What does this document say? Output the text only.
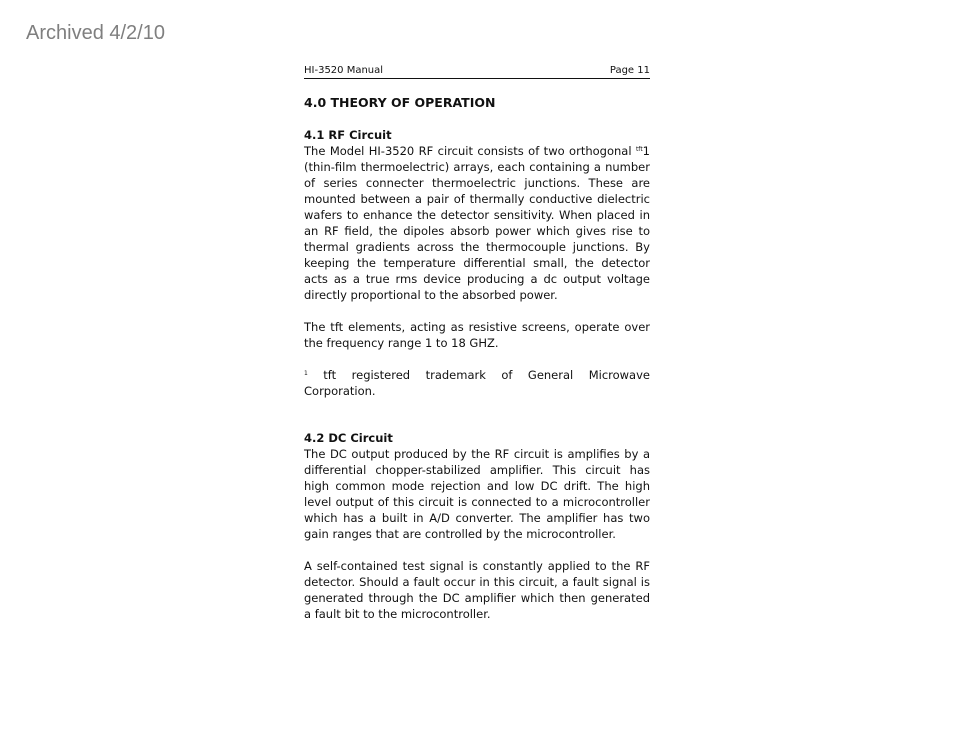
Archived 4/2/10
HI-3520 Manual	Page 11
4.0 THEORY OF OPERATION
4.1 RF Circuit

The Model HI-3520 RF circuit consists of two orthogonal $^{tft}$1 (thin-film thermoelectric) arrays, each containing a number of series connecter thermoelectric junctions. These are mounted between a pair of thermally conductive dielectric wafers to enhance the detector sensitivity. When placed in an RF field, the dipoles absorb power which gives rise to thermal gradients across the thermocouple junctions. By keeping the temperature differential small, the detector acts as a true rms device producing a dc output voltage directly proportional to the absorbed power.

The tft elements, acting as resistive screens, operate over the frequency range 1 to 18 GHZ.

$^1$ tft registered trademark of General Microwave Corporation.

4.2 DC Circuit

The DC output produced by the RF circuit is amplifies by a differential chopper-stabilized amplifier. This circuit has high common mode rejection and low DC drift. The high level output of this circuit is connected to a microcontroller which has a built in A/D converter. The amplifier has two gain ranges that are controlled by the microcontroller.

A self-contained test signal is constantly applied to the RF detector. Should a fault occur in this circuit, a fault signal is generated through the DC amplifier which then generated a fault bit to the microcontroller.
